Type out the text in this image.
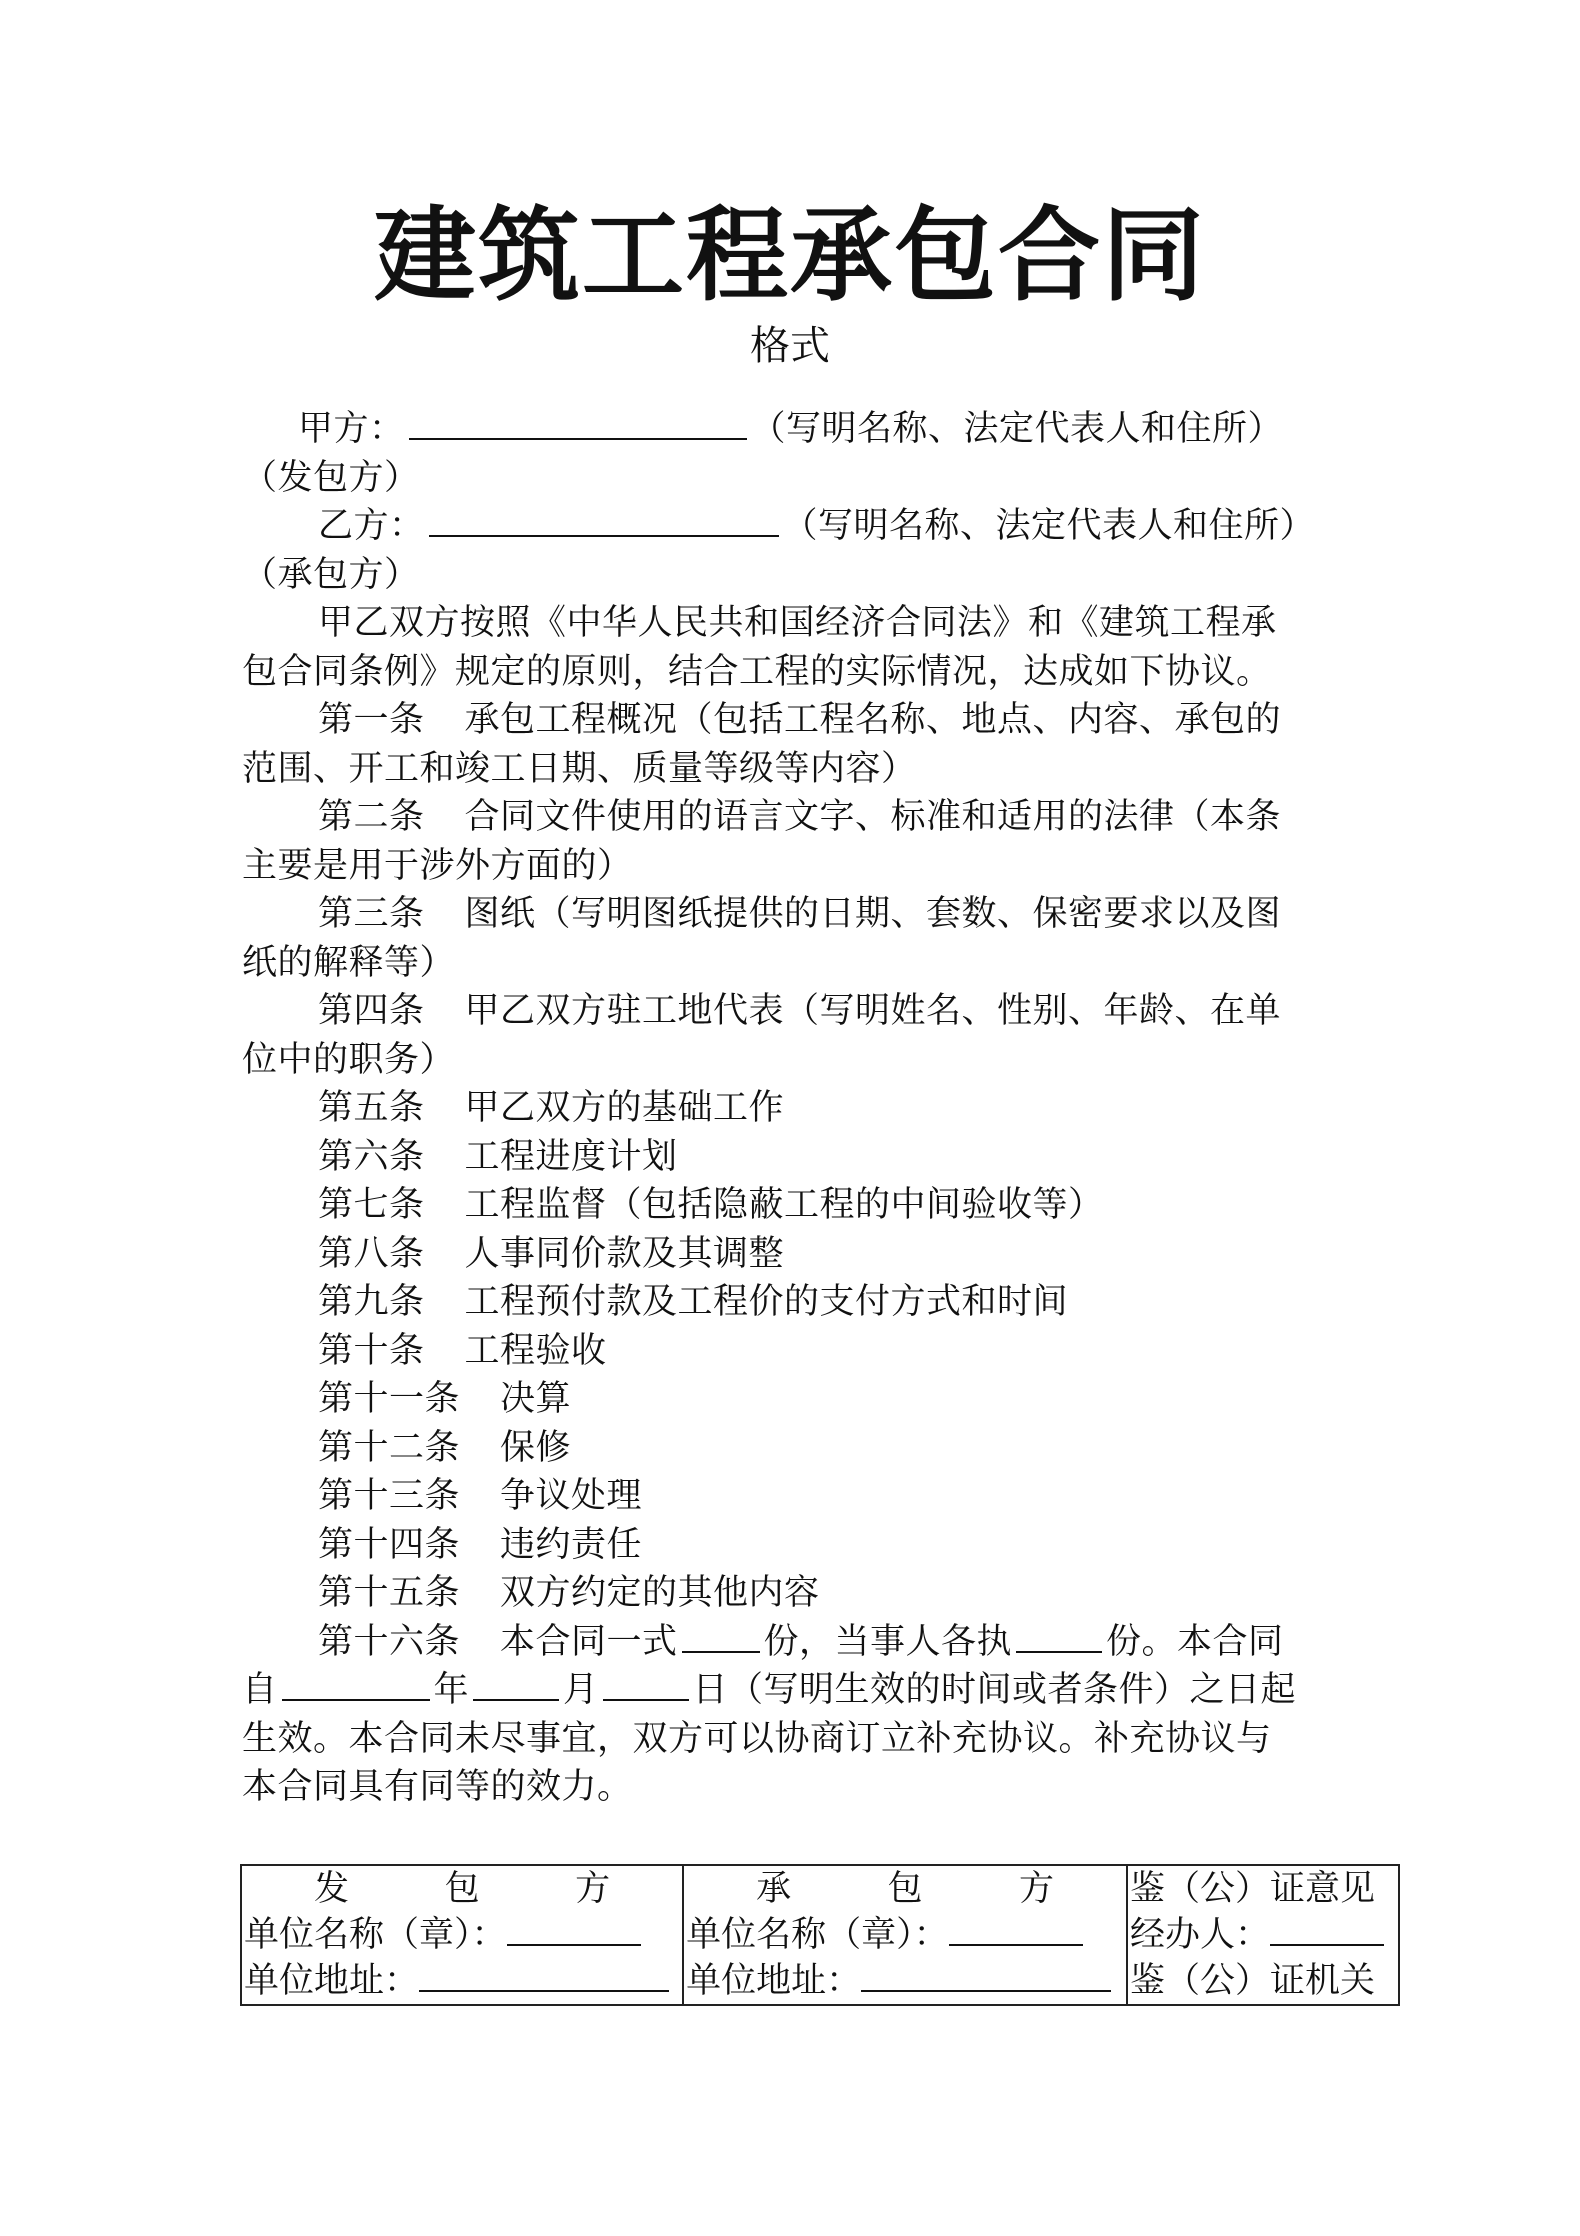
建筑工程承包合同
格式
甲方：	（写明名称、法定代表人和住所）
（发包方）
乙方：	（写明名称、法定代表人和住所）
（承包方）
甲乙双方按照《中华人民共和国经济合同法》和《建筑工程承
包合同条例》规定的原则，结合工程的实际情况，达成如下协议。
第一条 承包工程概况（包括工程名称、地点、内容、承包的
范围、开工和竣工日期、质量等级等内容）
第二条 合同文件使用的语言文字、标准和适用的法律（本条
主要是用于涉外方面的）
第三条 图纸（写明图纸提供的日期、套数、保密要求以及图
纸的解释等）
第四条 甲乙双方驻工地代表（写明姓名、性别、年龄、在单
位中的职务）
第五条 甲乙双方的基础工作
第六条 工程进度计划
第七条 工程监督（包括隐蔽工程的中间验收等）
第八条 人事同价款及其调整
第九条 工程预付款及工程价的支付方式和时间
第十条 工程验收
第十一条 决算
第十二条 保修
第十三条 争议处理
第十四条 违约责任
第十五条 双方约定的其他内容
第十六条 本合同一式 份，当事人各执	份。本合同
自	年	月	日（写明生效的时间或者条件）之日起
生效。本合同未尽事宜，双方可以协商订立补充协议。补充协议与
本合同具有同等的效力。
发	包	方
单位名称（章）：
单位地址：

承	包	方
单位名称（章）：
单位地址：

鉴（公）证意见
经办人：
鉴（公）证机关
